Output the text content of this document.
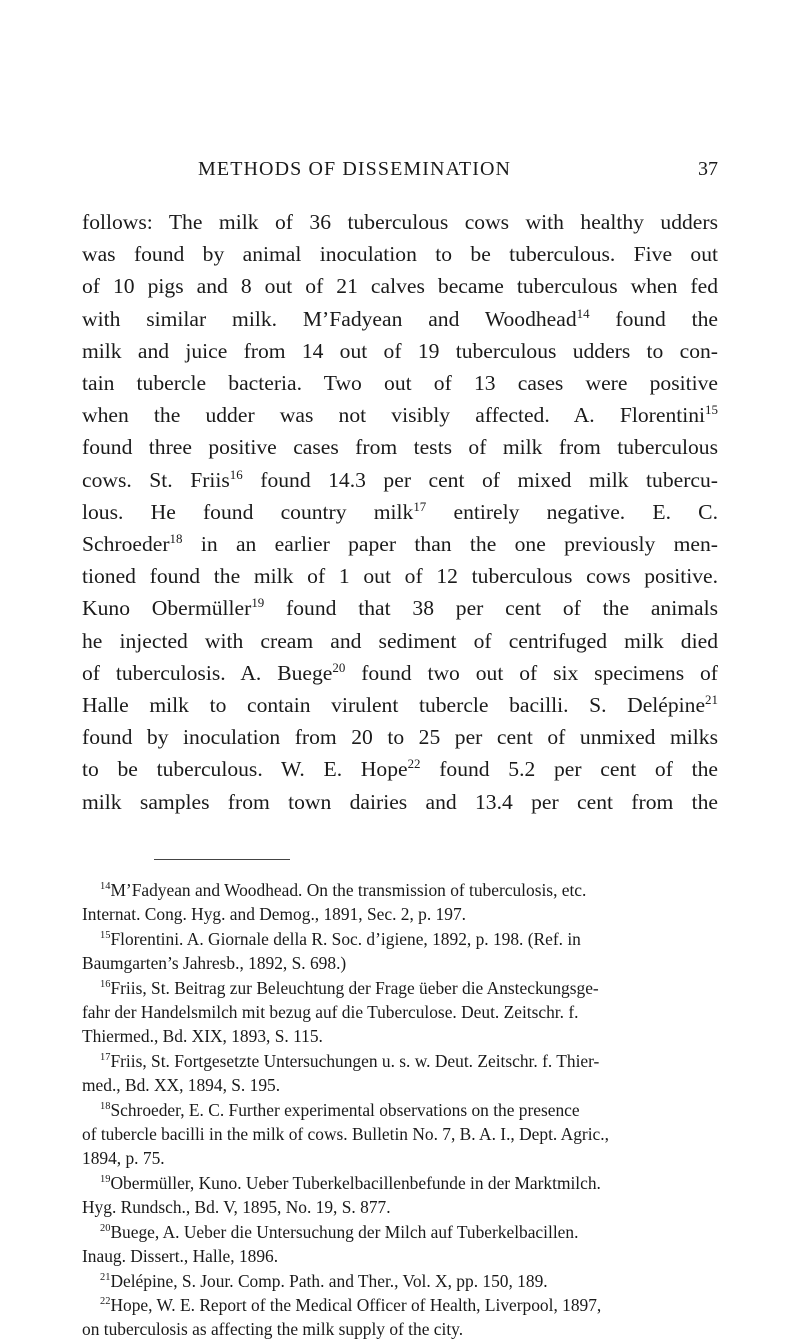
METHODS OF DISSEMINATION	37
follows: The milk of 36 tuberculous cows with healthy udders
was found by animal inoculation to be tuberculous. Five out
of 10 pigs and 8 out of 21 calves became tuberculous when fed
with similar milk. M’Fadyean and Woodhead$^{14}$ found the
milk and juice from 14 out of 19 tuberculous udders to con-
tain tubercle bacteria. Two out of 13 cases were positive
when the udder was not visibly affected. A. Florentini$^{15}$
found three positive cases from tests of milk from tuberculous
cows. St. Friis$^{16}$ found 14.3 per cent of mixed milk tubercu-
lous. He found country milk$^{17}$ entirely negative. E. C.
Schroeder$^{18}$ in an earlier paper than the one previously men-
tioned found the milk of 1 out of 12 tuberculous cows positive.
Kuno Obermüller$^{19}$ found that 38 per cent of the animals
he injected with cream and sediment of centrifuged milk died
of tuberculosis. A. Buege$^{20}$ found two out of six specimens of
Halle milk to contain virulent tubercle bacilli. S. Delépine$^{21}$
found by inoculation from 20 to 25 per cent of unmixed milks
to be tuberculous. W. E. Hope$^{22}$ found 5.2 per cent of the
milk samples from town dairies and 13.4 per cent from the
$^{14}$M’Fadyean and Woodhead. On the transmission of tuberculosis, etc.
Internat. Cong. Hyg. and Demog., 1891, Sec. 2, p. 197.
$^{15}$Florentini. A. Giornale della R. Soc. d’igiene, 1892, p. 198. (Ref. in
Baumgarten’s Jahresb., 1892, S. 698.)
$^{16}$Friis, St. Beitrag zur Beleuchtung der Frage üeber die Ansteckungsge-
fahr der Handelsmilch mit bezug auf die Tuberculose. Deut. Zeitschr. f.
Thiermed., Bd. XIX, 1893, S. 115.
$^{17}$Friis, St. Fortgesetzte Untersuchungen u. s. w. Deut. Zeitschr. f. Thier-
med., Bd. XX, 1894, S. 195.
$^{18}$Schroeder, E. C. Further experimental observations on the presence
of tubercle bacilli in the milk of cows. Bulletin No. 7, B. A. I., Dept. Agric.,
1894, p. 75.
$^{19}$Obermüller, Kuno. Ueber Tuberkelbacillenbefunde in der Marktmilch.
Hyg. Rundsch., Bd. V, 1895, No. 19, S. 877.
$^{20}$Buege, A. Ueber die Untersuchung der Milch auf Tuberkelbacillen.
Inaug. Dissert., Halle, 1896.
$^{21}$Delépine, S. Jour. Comp. Path. and Ther., Vol. X, pp. 150, 189.
$^{22}$Hope, W. E. Report of the Medical Officer of Health, Liverpool, 1897,
on tuberculosis as affecting the milk supply of the city.
